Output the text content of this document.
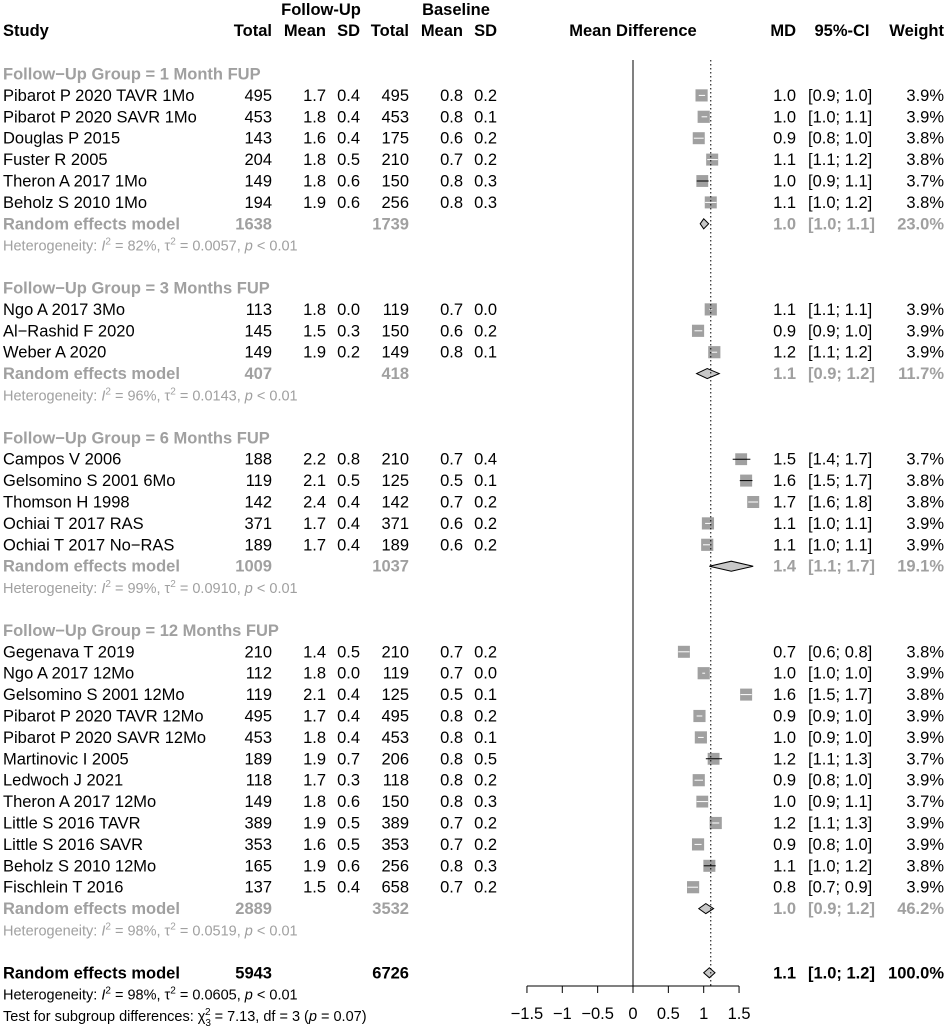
Follow-Up	Baseline
Study	Total Mean SD Total Mean SD	Mean Difference	MD 95%-CI Weight
Follow−Up Group = 1 Month FUP
Pibarot P 2020 TAVR 1Mo	495 1.7 0.4 495 0.8 0.2	1.0 [0.9; 1.0] 3.9%
Pibarot P 2020 SAVR 1Mo	453 1.8 0.4 453 0.8 0.1	1.0 [1.0; 1.1] 3.9%
Douglas P 2015	143 1.6 0.4 175 0.6 0.2	0.9 [0.8; 1.0] 3.8%
Fuster R 2005	204 1.8 0.5 210 0.7 0.2	1.1 [1.1; 1.2] 3.8%
Theron A 2017 1Mo	149 1.8 0.6 150 0.8 0.3	1.0 [0.9; 1.1] 3.7%
Beholz S 2010 1Mo	194 1.9 0.6 256 0.8 0.3	1.1 [1.0; 1.2] 3.8%
Random effects model	1638	1739	1.0 [1.0; 1.1] 23.0%
Heterogeneity: $I^2 = 82\%$, $\tau^2 = 0.0057$, p < 0.01
Follow−Up Group = 3 Months FUP
Ngo A 2017 3Mo	113 1.8 0.0 119 0.7 0.0	1.1 [1.1; 1.1] 3.9%
Al−Rashid F 2020	145 1.5 0.3 150 0.6 0.2	0.9 [0.9; 1.0] 3.9%
Weber A 2020	149 1.9 0.2 149 0.8 0.1	1.2 [1.1; 1.2] 3.9%
Random effects model	407	418	1.1 [0.9; 1.2] 11.7%
Heterogeneity: $I^2 = 96\%$, $\tau^2 = 0.0143$, p < 0.01
Follow−Up Group = 6 Months FUP
Campos V 2006	188 2.2 0.8 210 0.7 0.4	1.5 [1.4; 1.7] 3.7%
Gelsomino S 2001 6Mo	119 2.1 0.5 125 0.5 0.1	1.6 [1.5; 1.7] 3.8%
Thomson H 1998	142 2.4 0.4 142 0.7 0.2	1.7 [1.6; 1.8] 3.8%
Ochiai T 2017 RAS	371 1.7 0.4 371 0.6 0.2	1.1 [1.0; 1.1] 3.9%
Ochiai T 2017 No−RAS	189 1.7 0.4 189 0.6 0.2	1.1 [1.0; 1.1] 3.9%
Random effects model	1009	1037	1.4 [1.1; 1.7] 19.1%
Heterogeneity: $I^2 = 99\%$, $\tau^2 = 0.0910$, p < 0.01
Follow−Up Group = 12 Months FUP
Gegenava T 2019	210 1.4 0.5 210 0.7 0.2	0.7 [0.6; 0.8] 3.8%
Ngo A 2017 12Mo	112 1.8 0.0 119 0.7 0.0	1.0 [1.0; 1.0] 3.9%
Gelsomino S 2001 12Mo	119 2.1 0.4 125 0.5 0.1	1.6 [1.5; 1.7] 3.8%
Pibarot P 2020 TAVR 12Mo 495 1.7 0.4 495 0.8 0.2	0.9 [0.9; 1.0] 3.9%
Pibarot P 2020 SAVR 12Mo 453 1.8 0.4 453 0.8 0.1	1.0 [0.9; 1.0] 3.9%
Martinovic I 2005	189 1.9 0.7 206 0.8 0.5	1.2 [1.1; 1.3] 3.7%
Ledwoch J 2021	118 1.7 0.3 118 0.8 0.2	0.9 [0.8; 1.0] 3.9%
Theron A 2017 12Mo	149 1.8 0.6 150 0.8 0.3	1.0 [0.9; 1.1] 3.7%
Little S 2016 TAVR	389 1.9 0.5 389 0.7 0.2	1.2 [1.1; 1.3] 3.9%
Little S 2016 SAVR	353 1.6 0.5 353 0.7 0.2	0.9 [0.8; 1.0] 3.9%
Beholz S 2010 12Mo	165 1.9 0.6 256 0.8 0.3	1.1 [1.0; 1.2] 3.8%
Fischlein T 2016	137 1.5 0.4 658 0.7 0.2	0.8 [0.7; 0.9] 3.9%
Random effects model	2889	3532	1.0 [0.9; 1.2] 46.2%
Heterogeneity: $I^2 = 98\%$, $\tau^2 = 0.0519$, p < 0.01
Random effects model	5943	6726	1.1 [1.0; 1.2] 100.0%
Heterogeneity: $I^2 = 98\%$, $\tau^2 = 0.0605$, p < 0.01
Test for subgroup differences: $\chi_32 = 7.13$, df = 3 (p = 0.07)	−1.5 −1 −0.5 0 0.5 1 1.5
